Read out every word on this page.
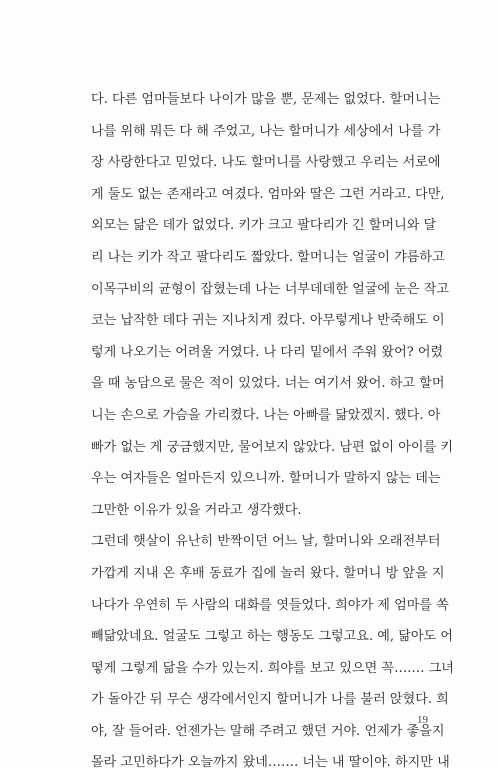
다. 다른 엄마들보다 나이가 많을 뿐, 문제는 없었다. 할머니는
나를 위해 뭐든 다 해 주었고, 나는 할머니가 세상에서 나를 가
장 사랑한다고 믿었다. 나도 할머니를 사랑했고 우리는 서로에
게 둘도 없는 존재라고 여겼다. 엄마와 딸은 그런 거라고. 다만,
외모는 닮은 데가 없었다. 키가 크고 팔다리가 긴 할머니와 달
리 나는 키가 작고 팔다리도 짧았다. 할머니는 얼굴이 갸름하고
이목구비의 균형이 잡혔는데 나는 너부데데한 얼굴에 눈은 작고
코는 납작한 데다 귀는 지나치게 컸다. 아무렇게나 반죽해도 이
렇게 나오기는 어려울 거였다. 나 다리 밑에서 주워 왔어? 어렸
을 때 농담으로 물은 적이 있었다. 너는 여기서 왔어. 하고 할머
니는 손으로 가슴을 가리켰다. 나는 아빠를 닮았겠지. 했다. 아
빠가 없는 게 궁금했지만, 물어보지 않았다. 남편 없이 아이를 키
우는 여자들은 얼마든지 있으니까. 할머니가 말하지 않는 데는
그만한 이유가 있을 거라고 생각했다.
그런데 햇살이 유난히 반짝이던 어느 날, 할머니와 오래전부터
가깝게 지내 온 후배 동료가 집에 놀러 왔다. 할머니 방 앞을 지
나다가 우연히 두 사람의 대화를 엿들었다. 희야가 제 엄마를 쏙
빼닮았네요. 얼굴도 그렇고 하는 행동도 그렇고요. 예, 닮아도 어
떻게 그렇게 닮을 수가 있는지. 희야를 보고 있으면 꼭……. 그녀
가 돌아간 뒤 무슨 생각에서인지 할머니가 나를 불러 앉혔다. 희
야, 잘 들어라. 언젠가는 말해 주려고 했던 거야. 언제가 좋을지
몰라 고민하다가 오늘까지 왔네……. 너는 내 딸이야. 하지만 내
19
